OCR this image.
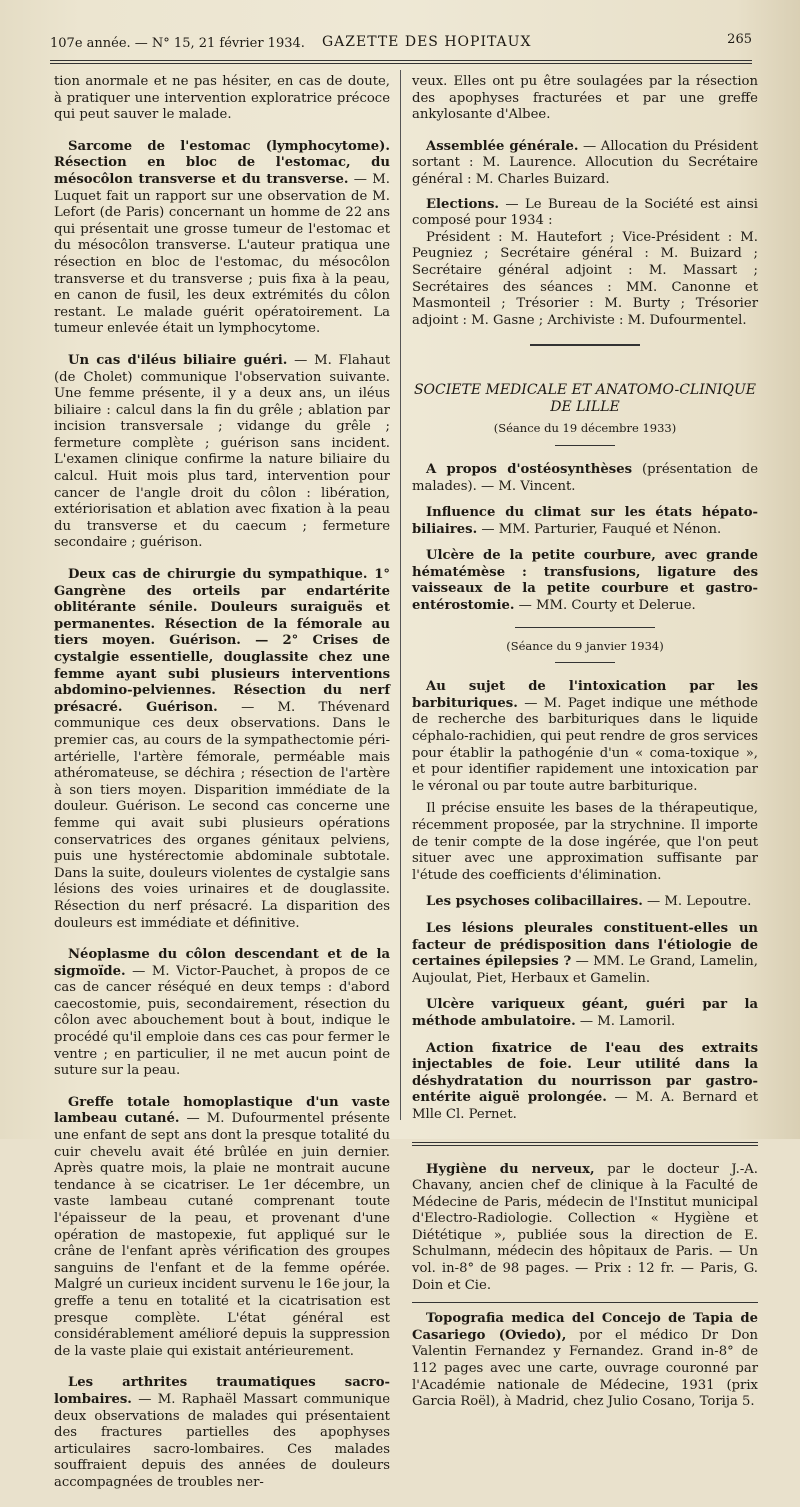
107e année. — N° 15, 21 février 1934. GAZETTE DES HOPITAUX	265

tion anormale et ne pas hésiter, en cas de doute, à pratiquer une intervention exploratrice précoce qui peut sauver le malade.

Sarcome de l'estomac (lymphocytome). Résection en bloc de l'estomac, du mésocôlon transverse et du transverse. — M. Luquet fait un rapport sur une observation de M. Lefort (de Paris) concernant un homme de 22 ans qui présentait une grosse tumeur de l'estomac et du mésocôlon transverse. L'auteur pratiqua une résection en bloc de l'estomac, du mésocôlon transverse et du transverse ; puis fixa à la peau, en canon de fusil, les deux extrémités du côlon restant. Le malade guérit opératoirement. La tumeur enlevée était un lymphocytome.

Un cas d'iléus biliaire guéri. — M. Flahaut (de Cholet) communique l'observation suivante. Une femme présente, il y a deux ans, un iléus biliaire : calcul dans la fin du grêle ; ablation par incision transversale ; vidange du grêle ; fermeture complète ; guérison sans incident. L'examen clinique confirme la nature biliaire du calcul. Huit mois plus tard, intervention pour cancer de l'angle droit du côlon : libération, extériorisation et ablation avec fixation à la peau du transverse et du caecum ; fermeture secondaire ; guérison.

Deux cas de chirurgie du sympathique. 1° Gangrène des orteils par endartérite oblitérante sénile. Douleurs suraiguës et permanentes. Résection de la fémorale au tiers moyen. Guérison. — 2° Crises de cystalgie essentielle, douglassite chez une femme ayant subi plusieurs interventions abdomino-pelviennes. Résection du nerf présacré. Guérison. — M. Thévenard communique ces deux observations. Dans le premier cas, au cours de la sympathectomie péri-artérielle, l'artère fémorale, perméable mais athéromateuse, se déchira ; résection de l'artère à son tiers moyen. Disparition immédiate de la douleur. Guérison. Le second cas concerne une femme qui avait subi plusieurs opérations conservatrices des organes génitaux pelviens, puis une hystérectomie abdominale subtotale. Dans la suite, douleurs violentes de cystalgie sans lésions des voies urinaires et de douglassite. Résection du nerf présacré. La disparition des douleurs est immédiate et définitive.

Néoplasme du côlon descendant et de la sigmoïde. — M. Victor-Pauchet, à propos de ce cas de cancer réséqué en deux temps : d'abord caecostomie, puis, secondairement, résection du côlon avec abouchement bout à bout, indique le procédé qu'il emploie dans ces cas pour fermer le ventre ; en particulier, il ne met aucun point de suture sur la peau.

Greffe totale homoplastique d'un vaste lambeau cutané. — M. Dufourmentel présente une enfant de sept ans dont la presque totalité du cuir chevelu avait été brûlée en juin dernier. Après quatre mois, la plaie ne montrait aucune tendance à se cicatriser. Le 1er décembre, un vaste lambeau cutané comprenant toute l'épaisseur de la peau, et provenant d'une opération de mastopexie, fut appliqué sur le crâne de l'enfant après vérification des groupes sanguins de l'enfant et de la femme opérée. Malgré un curieux incident survenu le 16e jour, la greffe a tenu en totalité et la cicatrisation est presque complète. L'état général est considérablement amélioré depuis la suppression de la vaste plaie qui existait antérieurement.

Les arthrites traumatiques sacro-lombaires. — M. Raphaël Massart communique deux observations de malades qui présentaient des fractures partielles des apophyses articulaires sacro-lombaires. Ces malades souffraient depuis des années de douleurs accompagnées de troubles ner-

veux. Elles ont pu être soulagées par la résection des apophyses fracturées et par une greffe ankylosante d'Albee.

Assemblée générale. — Allocation du Président sortant : M. Laurence. Allocution du Secrétaire général : M. Charles Buizard.

Elections. — Le Bureau de la Société est ainsi composé pour 1934 :

Président : M. Hautefort ; Vice-Président : M. Peugniez ; Secrétaire général : M. Buizard ; Secrétaire général adjoint : M. Massart ; Secrétaires des séances : MM. Canonne et Masmonteil ; Trésorier : M. Burty ; Trésorier adjoint : M. Gasne ; Archiviste : M. Dufourmentel.

SOCIETE MEDICALE ET ANATOMO-CLINIQUE DE LILLE
(Séance du 19 décembre 1933)

A propos d'ostéosynthèses (présentation de malades). — M. Vincent.

Influence du climat sur les états hépato-biliaires. — MM. Parturier, Fauqué et Nénon.

Ulcère de la petite courbure, avec grande hématémèse : transfusions, ligature des vaisseaux de la petite courbure et gastro-entérostomie. — MM. Courty et Delerue.

(Séance du 9 janvier 1934)

Au sujet de l'intoxication par les barbituriques. — M. Paget indique une méthode de recherche des barbituriques dans le liquide céphalo-rachidien, qui peut rendre de gros services pour établir la pathogénie d'un « coma-toxique », et pour identifier rapidement une intoxication par le véronal ou par toute autre barbiturique.

Il précise ensuite les bases de la thérapeutique, récemment proposée, par la strychnine. Il importe de tenir compte de la dose ingérée, que l'on peut situer avec une approximation suffisante par l'étude des coefficients d'élimination.

Les psychoses colibacillaires. — M. Lepoutre.

Les lésions pleurales constituent-elles un facteur de prédisposition dans l'étiologie de certaines épilepsies ? — MM. Le Grand, Lamelin, Aujoulat, Piet, Herbaux et Gamelin.

Ulcère variqueux géant, guéri par la méthode ambulatoire. — M. Lamoril.

Action fixatrice de l'eau des extraits injectables de foie. Leur utilité dans la déshydratation du nourrisson par gastro-entérite aiguë prolongée. — M. A. Bernard et Mlle Cl. Pernet.

Hygiène du nerveux, par le docteur J.-A. Chavany, ancien chef de clinique à la Faculté de Médecine de Paris, médecin de l'Institut municipal d'Electro-Radiologie. Collection « Hygiène et Diététique », publiée sous la direction de E. Schulmann, médecin des hôpitaux de Paris. — Un vol. in-8° de 98 pages. — Prix : 12 fr. — Paris, G. Doin et Cie.

Topografia medica del Concejo de Tapia de Casariego (Oviedo), por el médico Dr Don Valentin Fernandez y Fernandez. Grand in-8° de 112 pages avec une carte, ouvrage couronné par l'Académie nationale de Médecine, 1931 (prix Garcia Roël), à Madrid, chez Julio Cosano, Torija 5.
